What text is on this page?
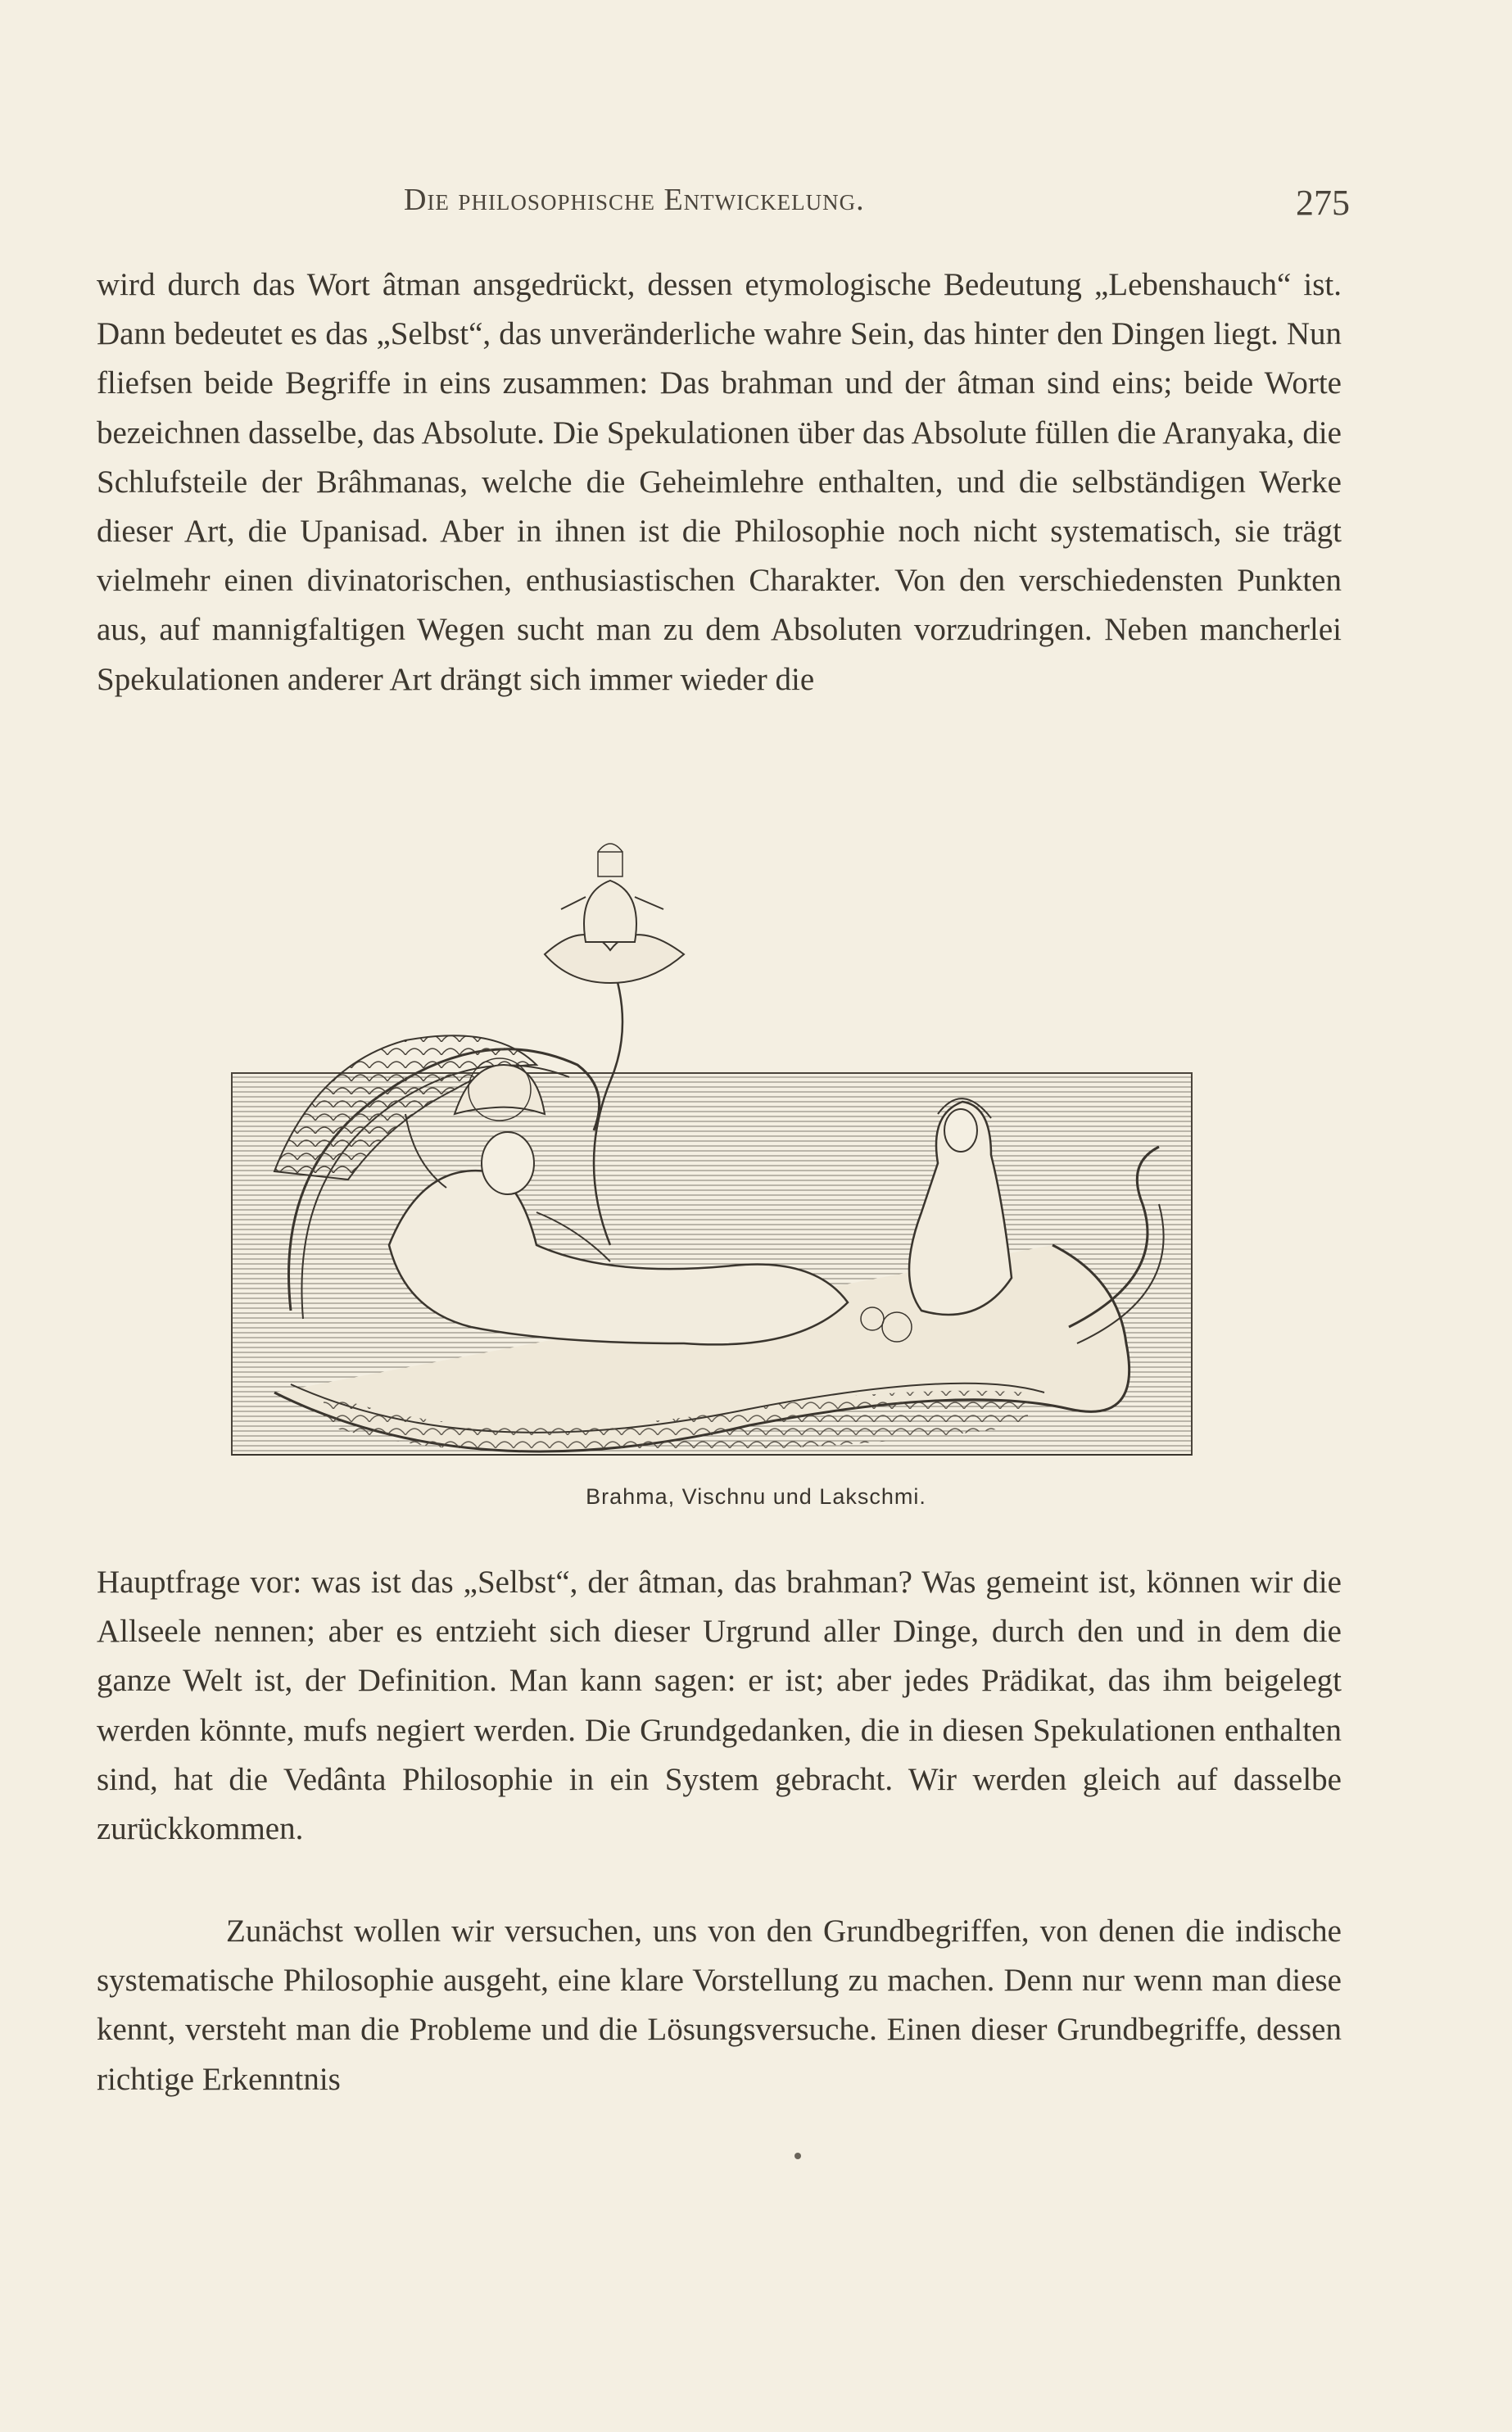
Die philosophische Entwickelung.	275

wird durch das Wort âtman ansgedrückt, dessen etymologische Bedeutung „Lebenshauch“ ist. Dann bedeutet es das „Selbst“, das unveränderliche wahre Sein, das hinter den Dingen liegt. Nun fliefsen beide Begriffe in eins zusammen: Das brahman und der âtman sind eins; beide Worte bezeichnen dasselbe, das Absolute. Die Spekulationen über das Absolute füllen die Aranyaka, die Schlufsteile der Brâhmanas, welche die Geheimlehre enthalten, und die selbständigen Werke dieser Art, die Upanisad. Aber in ihnen ist die Philosophie noch nicht systematisch, sie trägt vielmehr einen divinatorischen, enthusiastischen Charakter. Von den verschiedensten Punkten aus, auf mannigfaltigen Wegen sucht man zu dem Absoluten vorzudringen. Neben mancherlei Spekulationen anderer Art drängt sich immer wieder die

Brahma, Vischnu und Lakschmi.

Hauptfrage vor: was ist das „Selbst“, der âtman, das brahman? Was gemeint ist, können wir die Allseele nennen; aber es entzieht sich dieser Urgrund aller Dinge, durch den und in dem die ganze Welt ist, der Definition. Man kann sagen: er ist; aber jedes Prädikat, das ihm beigelegt werden könnte, mufs negiert werden. Die Grundgedanken, die in diesen Spekulationen enthalten sind, hat die Vedânta Philosophie in ein System gebracht. Wir werden gleich auf dasselbe zurückkommen.

Zunächst wollen wir versuchen, uns von den Grundbegriffen, von denen die indische systematische Philosophie ausgeht, eine klare Vorstellung zu machen. Denn nur wenn man diese kennt, versteht man die Probleme und die Lösungsversuche. Einen dieser Grundbegriffe, dessen richtige Erkenntnis
